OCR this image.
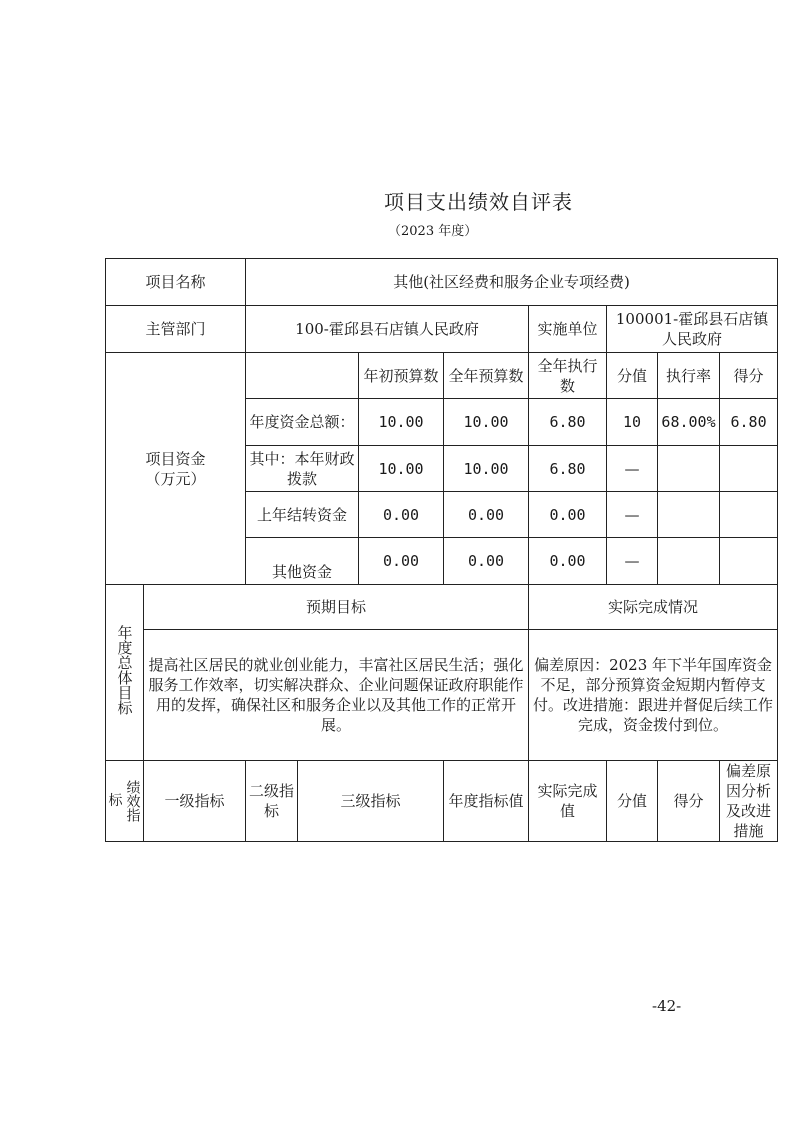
项目支出绩效自评表
（2023 年度）
项目名称		其他(社区经费和服务企业专项经费)							
主管部门		100-霍邱县石店镇人民政府				实施单位	100001-霍邱县石店镇人民政府		
项目资金
（万元）				年初预算数	全年预算数	全年执行数	分值	执行率	得分
		年度资金总额：		10.00	10.00	6.80	10	68.00%	6.80
		其中：本年财政拨款		10.00	10.00	6.80	—		
		上年结转资金		0.00	0.00	0.00	—		
		其他资金		0.00	0.00	0.00	—		
年度总体目标	预期目标					实际完成情况			
	提高社区居民的就业创业能力，丰富社区居民生活；强化服务工作效率，切实解决群众、企业问题保证政府职能作用的发挥，确保社区和服务企业以及其他工作的正常开展。					偏差原因：2023 年下半年国库资金不足，部分预算资金短期内暂停支付。改进措施：跟进并督促后续工作完成，资金拨付到位。			

标 绩效指	一级指标	二级指标	三级指标		年度指标值	实际完成值	分值	得分	偏差原因分析及改进措施
-42-
